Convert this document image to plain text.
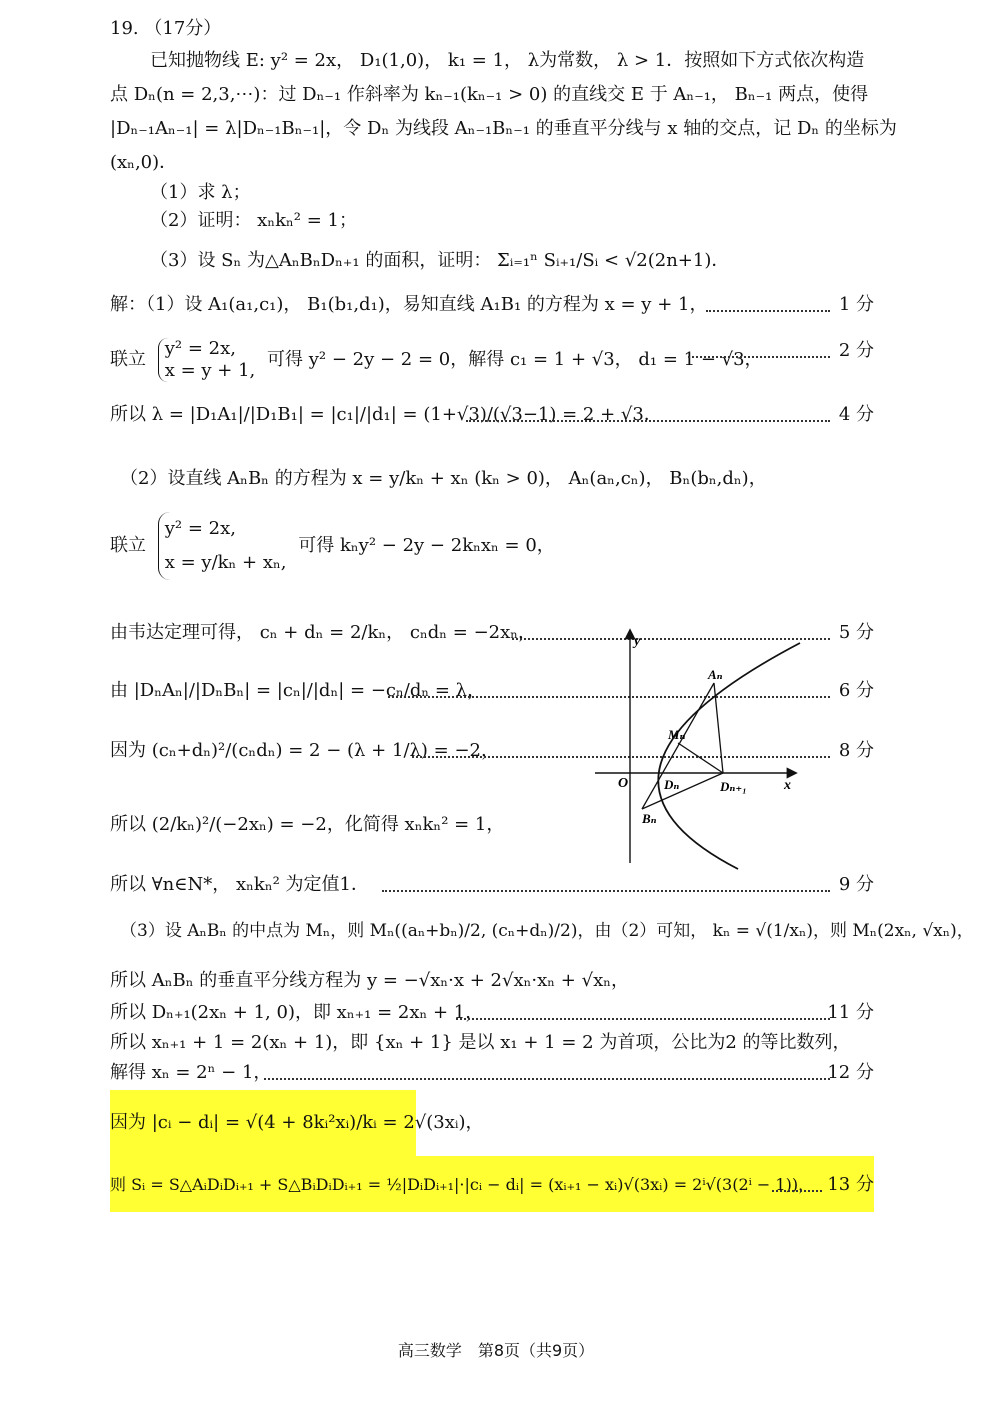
19. （17分）
已知抛物线 E: y² = 2x， D₁(1,0)， k₁ = 1， λ为常数， λ > 1．按照如下方式依次构造
点 Dₙ(n = 2,3,⋯)：过 Dₙ₋₁ 作斜率为 kₙ₋₁(kₙ₋₁ > 0) 的直线交 E 于 Aₙ₋₁， Bₙ₋₁ 两点，使得
|Dₙ₋₁Aₙ₋₁| = λ|Dₙ₋₁Bₙ₋₁|，令 Dₙ 为线段 Aₙ₋₁Bₙ₋₁ 的垂直平分线与 x 轴的交点，记 Dₙ 的坐标为
(xₙ,0)．
（1）求 λ；
（2）证明： xₙkₙ² = 1；
（3）设 Sₙ 为△AₙBₙDₙ₊₁ 的面积，证明： Σᵢ₌₁ⁿ Sᵢ₊₁/Sᵢ < √2(2n+1)．
解：（1）设 A₁(a₁,c₁)， B₁(b₁,d₁)，易知直线 A₁B₁ 的方程为 x = y + 1，	1 分
联立
y² = 2x,
x = y + 1,
可得 y² − 2y − 2 = 0，解得 c₁ = 1 + √3， d₁ = 1 − √3，	2 分
所以 λ = |D₁A₁|/|D₁B₁| = |c₁|/|d₁| = (1+√3)/(√3−1) = 2 + √3．	4 分
（2）设直线 AₙBₙ 的方程为 x = y/kₙ + xₙ (kₙ > 0)， Aₙ(aₙ,cₙ)， Bₙ(bₙ,dₙ)，
联立
y² = 2x,
x = y/kₙ + xₙ,
可得 kₙy² − 2y − 2kₙxₙ = 0，
由韦达定理可得， cₙ + dₙ = 2/kₙ， cₙdₙ = −2xₙ，	5 分
由 |DₙAₙ|/|DₙBₙ| = |cₙ|/|dₙ| = −cₙ/dₙ = λ，	6 分
因为 (cₙ+dₙ)²/(cₙdₙ) = 2 − (λ + 1/λ) = −2，	8 分
所以 (2/kₙ)²/(−2xₙ) = −2，化简得 xₙkₙ² = 1，
所以 ∀n∈N*， xₙkₙ² 为定值1．	9 分
y
x
O
Aₙ
Bₙ
Mₙ
Dₙ	Dₙ₊₁
（3）设 AₙBₙ 的中点为 Mₙ，则 Mₙ((aₙ+bₙ)/2, (cₙ+dₙ)/2)，由（2）可知， kₙ = √(1/xₙ)，则 Mₙ(2xₙ, √xₙ)，
所以 AₙBₙ 的垂直平分线方程为 y = −√xₙ·x + 2√xₙ·xₙ + √xₙ，
所以 Dₙ₊₁(2xₙ + 1, 0)，即 xₙ₊₁ = 2xₙ + 1，	11 分
所以 xₙ₊₁ + 1 = 2(xₙ + 1)，即 {xₙ + 1} 是以 x₁ + 1 = 2 为首项，公比为2 的等比数列，
解得 xₙ = 2ⁿ − 1，	12 分
因为 |cᵢ − dᵢ| = √(4 + 8kᵢ²xᵢ)/kᵢ = 2√(3xᵢ)，
则 Sᵢ = S△AᵢDᵢDᵢ₊₁ + S△BᵢDᵢDᵢ₊₁ = ½|DᵢDᵢ₊₁|·|cᵢ − dᵢ| = (xᵢ₊₁ − xᵢ)√(3xᵢ) = 2ⁱ√(3(2ⁱ − 1))， 13 分
高三数学　第8页（共9页）
